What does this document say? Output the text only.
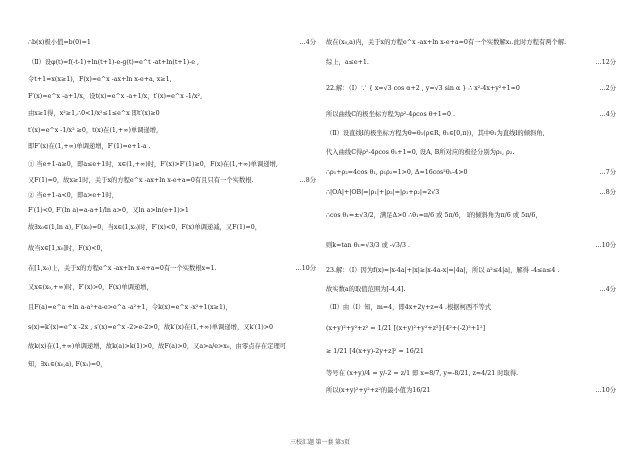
∴b(x)极小值=b(0)=1	…4分
（Ⅱ）设φ(t)=f(-t-1)+ln(t+1)-e-g(t)=e^t -at+ln(t+1)-e ,
令t+1=x(x≥1)，F(x)=e^x -ax+ln x-e+a, x≥1,
F′(x)=e^x -a+1/x，设t(x)=e^x -a+1/x，t′(x)=e^x -1/x²,
由x≥1得，x²≥1,∴0<1/x²≤1≤e^x 即t′(x)≥0
t′(x)=e^x -1/x² ≥0，t(x)在(1,+∞)单调递增,
即F′(x)在(1,+∞)单调递增，F′(1)=e+1-a .
① 当e+1-a≥0，即a≤e+1时，x∈(1,+∞)时，F′(x)>F′(1)≥0，F(x)在(1,+∞)单调递增,
又F(1)=0，故x≥1时，关于x的方程e^x -ax+ln x-e+a=0有且只有一个实数根.	…8分
② 当e+1-a<0，即a>e+1时，
F′(1)<0, F′(ln a)=a-a+1/ln a>0，又ln a>ln(e+1)>1
故∃x₀∈(1,ln a), F′(x₀)=0，当x∈(1,x₀)时，F′(x)<0，F(x)单调递减，又F(1)=0，
故当x∈[1,x₀]时，F(x)<0，
在[1,x₀)上，关于x的方程e^x -ax+ln x-e+a=0有一个实数根x=1.	…10分
又x∈(x₀,+∞)时，F′(x)>0，F(x)单调递增，
且F(a)=e^a +ln a-a²+a-e>e^a -a²+1，令k(x)=e^x -x²+1(x≥1)，
s(x)=k′(x)=e^x -2x , s′(x)=e^x -2>e-2>0，故k′(x)在(1,+∞)单调递增，又k′(1)>0
故k(x)在(1,+∞)单调递增，故k(a)>k(1)>0，故F(a)>0，又a>a/e>x₀，由零点存在定理可
知，∃x₁∈(x₀,a), F(x₁)=0，
故在(x₀,a)内，关于x的方程e^x -ax+ln x-e+a=0有一个实数解x₁.此时方程有两个解.
综上，a≤e+1.	…12分
22.解：（Ⅰ）∵ { x=√3 cos α+2 , y=√3 sin α } ∴ x²-4x+y²+1=0	…2分
所以曲线C的极坐标方程为ρ²-4ρcos θ+1=0 .	…4分
（Ⅱ）设直线l的极坐标方程为θ=θ₁(ρ∈R, θ₁∈[0,π))，其中θ₁为直线l的倾斜角,
代入曲线C得ρ²-4ρcos θ₁+1=0, 设A, B所对应的极径分别为ρ₁, ρ₂.
∴ρ₁+ρ₂=4cos θ₁, ρ₁ρ₂=1>0, Δ=16cos²θ₁-4>0	…7分
∴|OA|+|OB|=|ρ₁|+|ρ₂|=|ρ₁+ρ₂|=2√3	…8分
∴cos θ₁=±√3/2，满足Δ>0 ∴θ₁=π/6 或 5π/6， l的倾斜角为π/6 或 5π/6，
则k=tan θ₁=√3/3 或 -√3/3 .	…10分
23.解：（Ⅰ）因为f(x)=|x-4a|+|x|≥|x-4a-x|=|4a|，所以 a²≤4|a|，解得 -4≤a≤4 .
故实数a的取值范围为[-4,4].	…4分
（Ⅱ）由（Ⅰ）知，m=4，即4x+2y+z=4 .根据柯西不等式
(x+y)²+y²+z² = 1/21 [(x+y)²+y²+z²]·[4²+(-2)²+1²]
≥ 1/21 [4(x+y)-2y+z]² = 16/21
等号在 (x+y)/4 = y/-2 = z/1 即 x=8/7, y=-8/21, z=4/21 时取得.
所以(x+y)²+y²+z²的最小值为16/21	…10分
三校汇题 第一套 第3页
